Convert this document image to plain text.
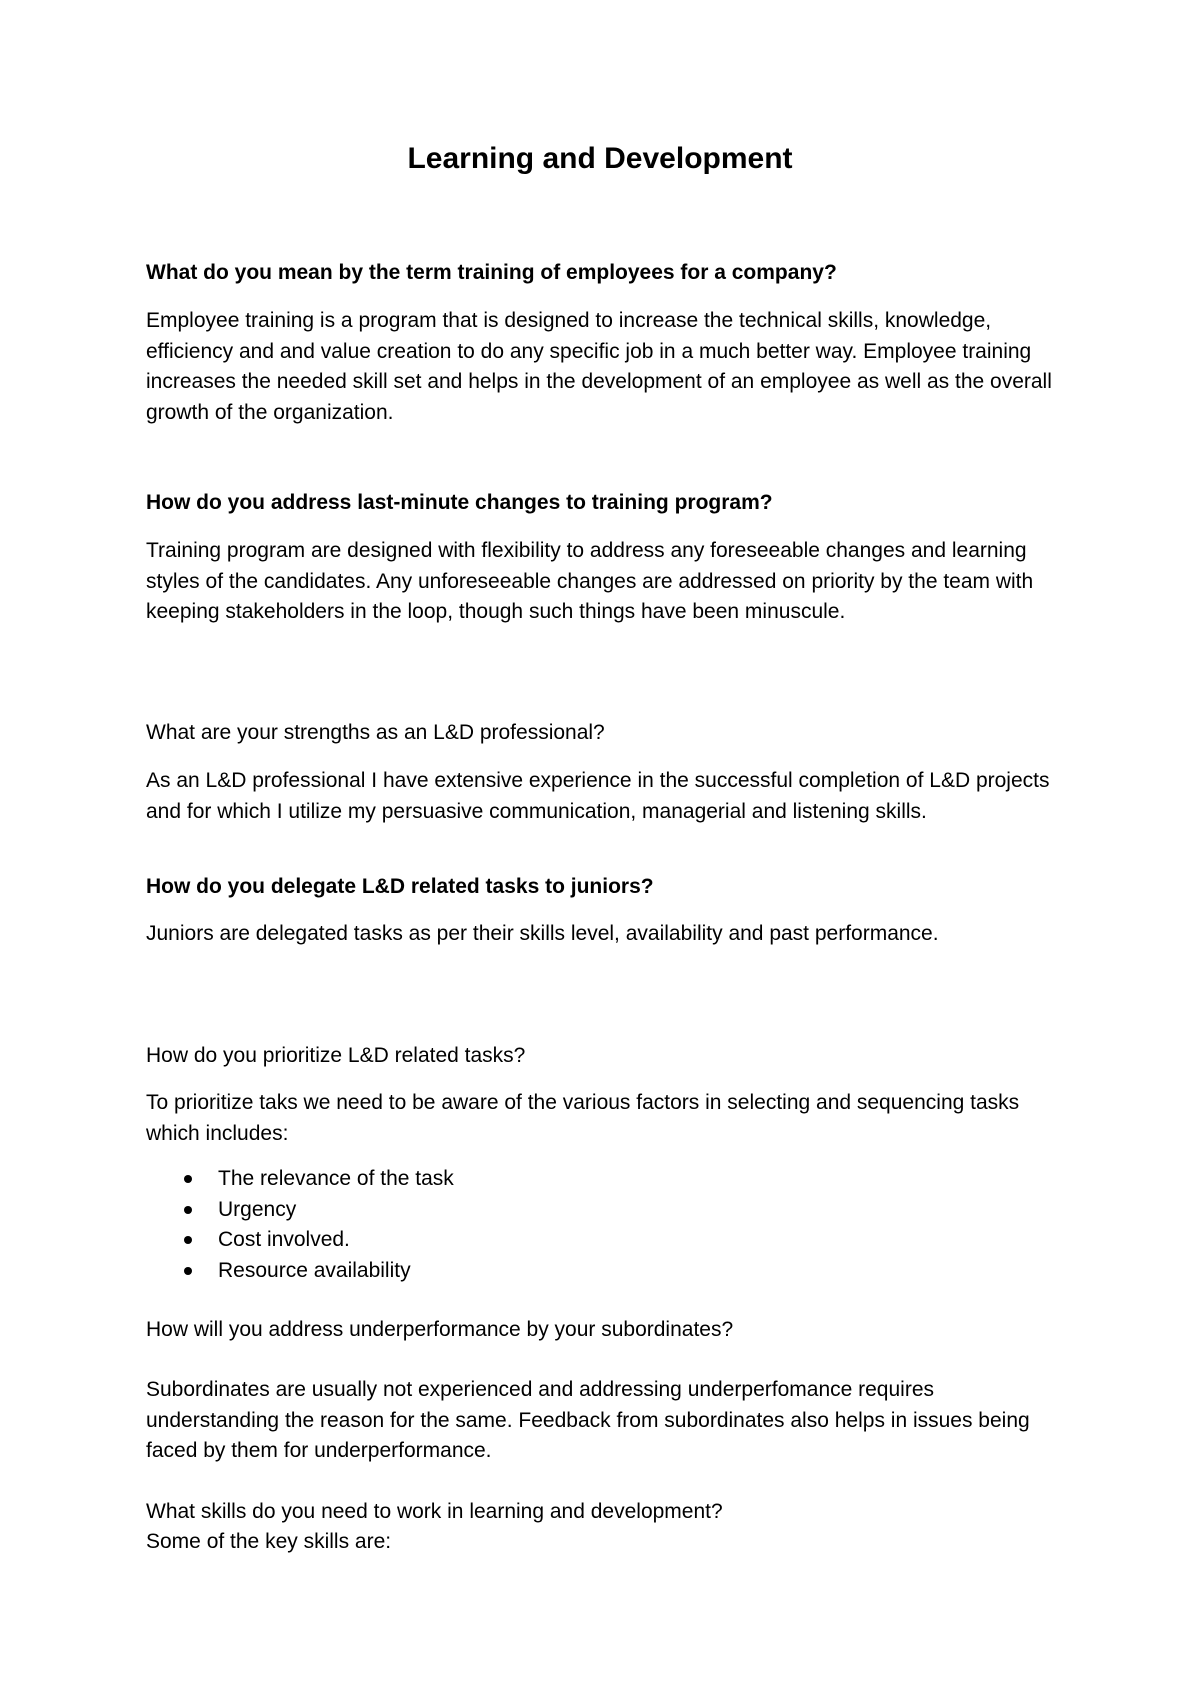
Learning and Development

What do you mean by the term training of employees for a company?

Employee training is a program that is designed to increase the technical skills, knowledge, efficiency and and value creation to do any specific job in a much better way. Employee training increases the needed skill set and helps in the development of an employee as well as the overall growth of the organization.

How do you address last-minute changes to training program?

Training program are designed with flexibility to address any foreseeable changes and learning styles of the candidates. Any unforeseeable changes are addressed on priority by the team with keeping stakeholders in the loop, though such things have been minuscule.

What are your strengths as an L&D professional?

As an L&D professional I have extensive experience in the successful completion of L&D projects and for which I utilize my persuasive communication, managerial and listening skills.

How do you delegate L&D related tasks to juniors?

Juniors are delegated tasks as per their skills level, availability and past performance.

How do you prioritize L&D related tasks?

To prioritize taks we need to be aware of the various factors in selecting and sequencing tasks which includes:

The relevance of the task
Urgency
Cost involved.
Resource availability

How will you address underperformance by your subordinates?

Subordinates are usually not experienced and addressing underperfomance requires understanding the reason for the same. Feedback from subordinates also helps in issues being faced by them for underperformance.

What skills do you need to work in learning and development?

Some of the key skills are:
